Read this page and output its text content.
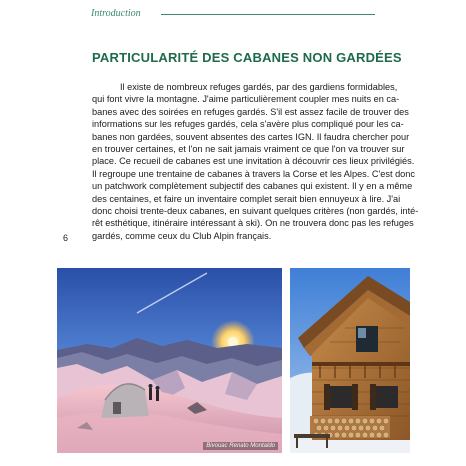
Introduction
PARTICULARITÉ DES CABANES NON GARDÉES
Il existe de nombreux refuges gardés, par des gardiens formidables,
qui font vivre la montagne. J'aime particulièrement coupler mes nuits en ca-
banes avec des soirées en refuges gardés. S'il est assez facile de trouver des
informations sur les refuges gardés, cela s'avère plus compliqué pour les ca-
banes non gardées, souvent absentes des cartes IGN. Il faudra chercher pour
en trouver certaines, et l'on ne sait jamais vraiment ce que l'on va trouver sur
place. Ce recueil de cabanes est une invitation à découvrir ces lieux privilégiés.
Il regroupe une trentaine de cabanes à travers la Corse et les Alpes. C'est donc
un patchwork complètement subjectif des cabanes qui existent. Il y en a même
des centaines, et faire un inventaire complet serait bien ennuyeux à lire. J'ai
donc choisi trente-deux cabanes, en suivant quelques critères (non gardés, inté-
rêt esthétique, itinéraire intéressant à ski). On ne trouvera donc pas les refuges
gardés, comme ceux du Club Alpin français.
6
Bivouac Renato Montaldo
